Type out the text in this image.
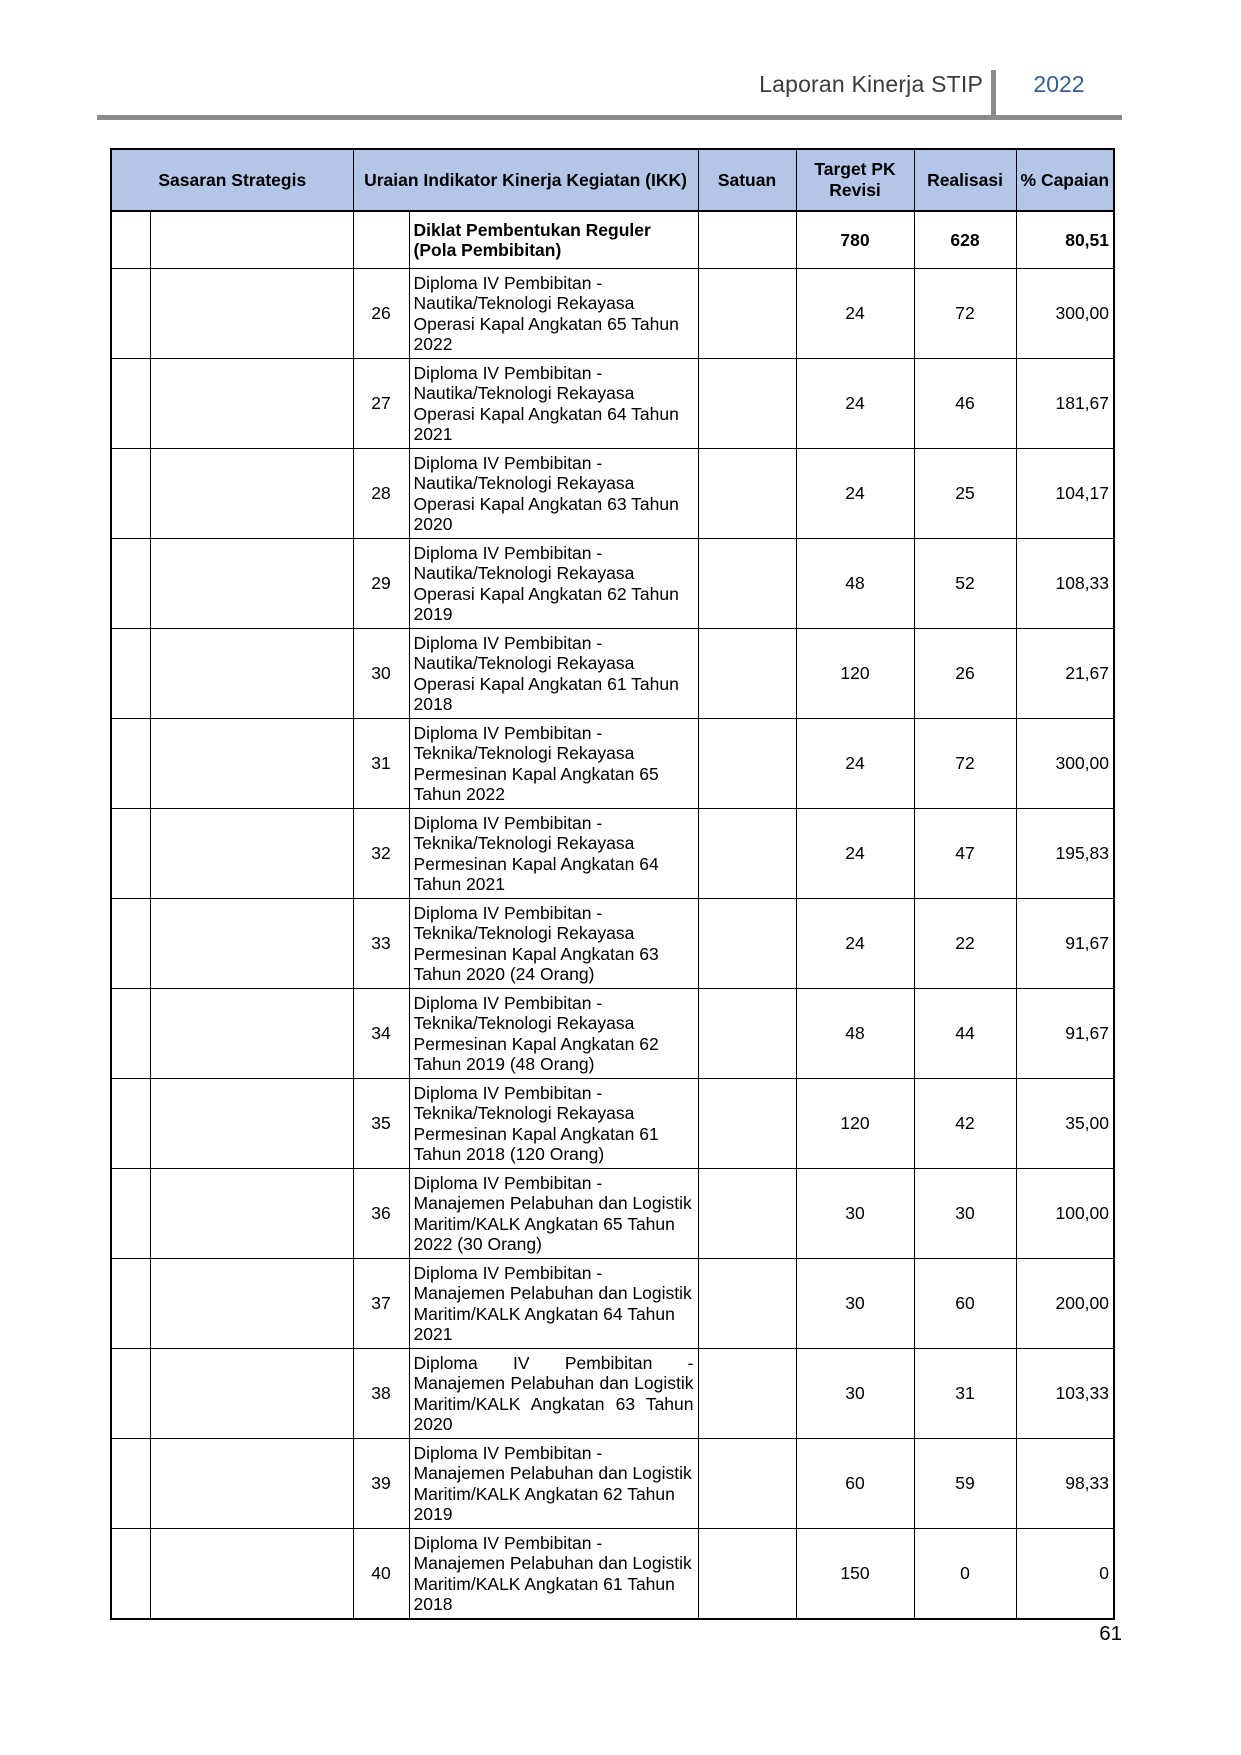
Laporan Kinerja STIP	2022
Sasaran Strategis		Uraian Indikator Kinerja Kegiatan (IKK)		Satuan	Target PK Revisi	Realisasi	% Capaian
			Diklat Pembentukan Reguler (Pola Pembibitan)		780	628	80,51
		26	Diploma IV Pembibitan - Nautika/Teknologi Rekayasa Operasi Kapal Angkatan 65 Tahun 2022		24	72	300,00
		27	Diploma IV Pembibitan - Nautika/Teknologi Rekayasa Operasi Kapal Angkatan 64 Tahun 2021		24	46	181,67
		28	Diploma IV Pembibitan - Nautika/Teknologi Rekayasa Operasi Kapal Angkatan 63 Tahun 2020		24	25	104,17
		29	Diploma IV Pembibitan - Nautika/Teknologi Rekayasa Operasi Kapal Angkatan 62 Tahun 2019		48	52	108,33
		30	Diploma IV Pembibitan - Nautika/Teknologi Rekayasa Operasi Kapal Angkatan 61 Tahun 2018		120	26	21,67
		31	Diploma IV Pembibitan - Teknika/Teknologi Rekayasa Permesinan Kapal Angkatan 65 Tahun 2022		24	72	300,00
		32	Diploma IV Pembibitan - Teknika/Teknologi Rekayasa Permesinan Kapal Angkatan 64 Tahun 2021		24	47	195,83
		33	Diploma IV Pembibitan - Teknika/Teknologi Rekayasa Permesinan Kapal Angkatan 63 Tahun 2020 (24 Orang)		24	22	91,67
		34	Diploma IV Pembibitan - Teknika/Teknologi Rekayasa Permesinan Kapal Angkatan 62 Tahun 2019 (48 Orang)		48	44	91,67
		35	Diploma IV Pembibitan - Teknika/Teknologi Rekayasa Permesinan Kapal Angkatan 61 Tahun 2018 (120 Orang)		120	42	35,00
		36	Diploma IV Pembibitan - Manajemen Pelabuhan dan Logistik Maritim/KALK Angkatan 65 Tahun 2022 (30 Orang)		30	30	100,00
		37	Diploma IV Pembibitan - Manajemen Pelabuhan dan Logistik Maritim/KALK Angkatan 64 Tahun 2021		30	60	200,00
		38	Diploma IV Pembibitan - Manajemen Pelabuhan dan Logistik Maritim/KALK Angkatan 63 Tahun 2020		30	31	103,33
		39	Diploma IV Pembibitan - Manajemen Pelabuhan dan Logistik Maritim/KALK Angkatan 62 Tahun 2019		60	59	98,33
		40	Diploma IV Pembibitan - Manajemen Pelabuhan dan Logistik Maritim/KALK Angkatan 61 Tahun 2018		150	0	0
61
